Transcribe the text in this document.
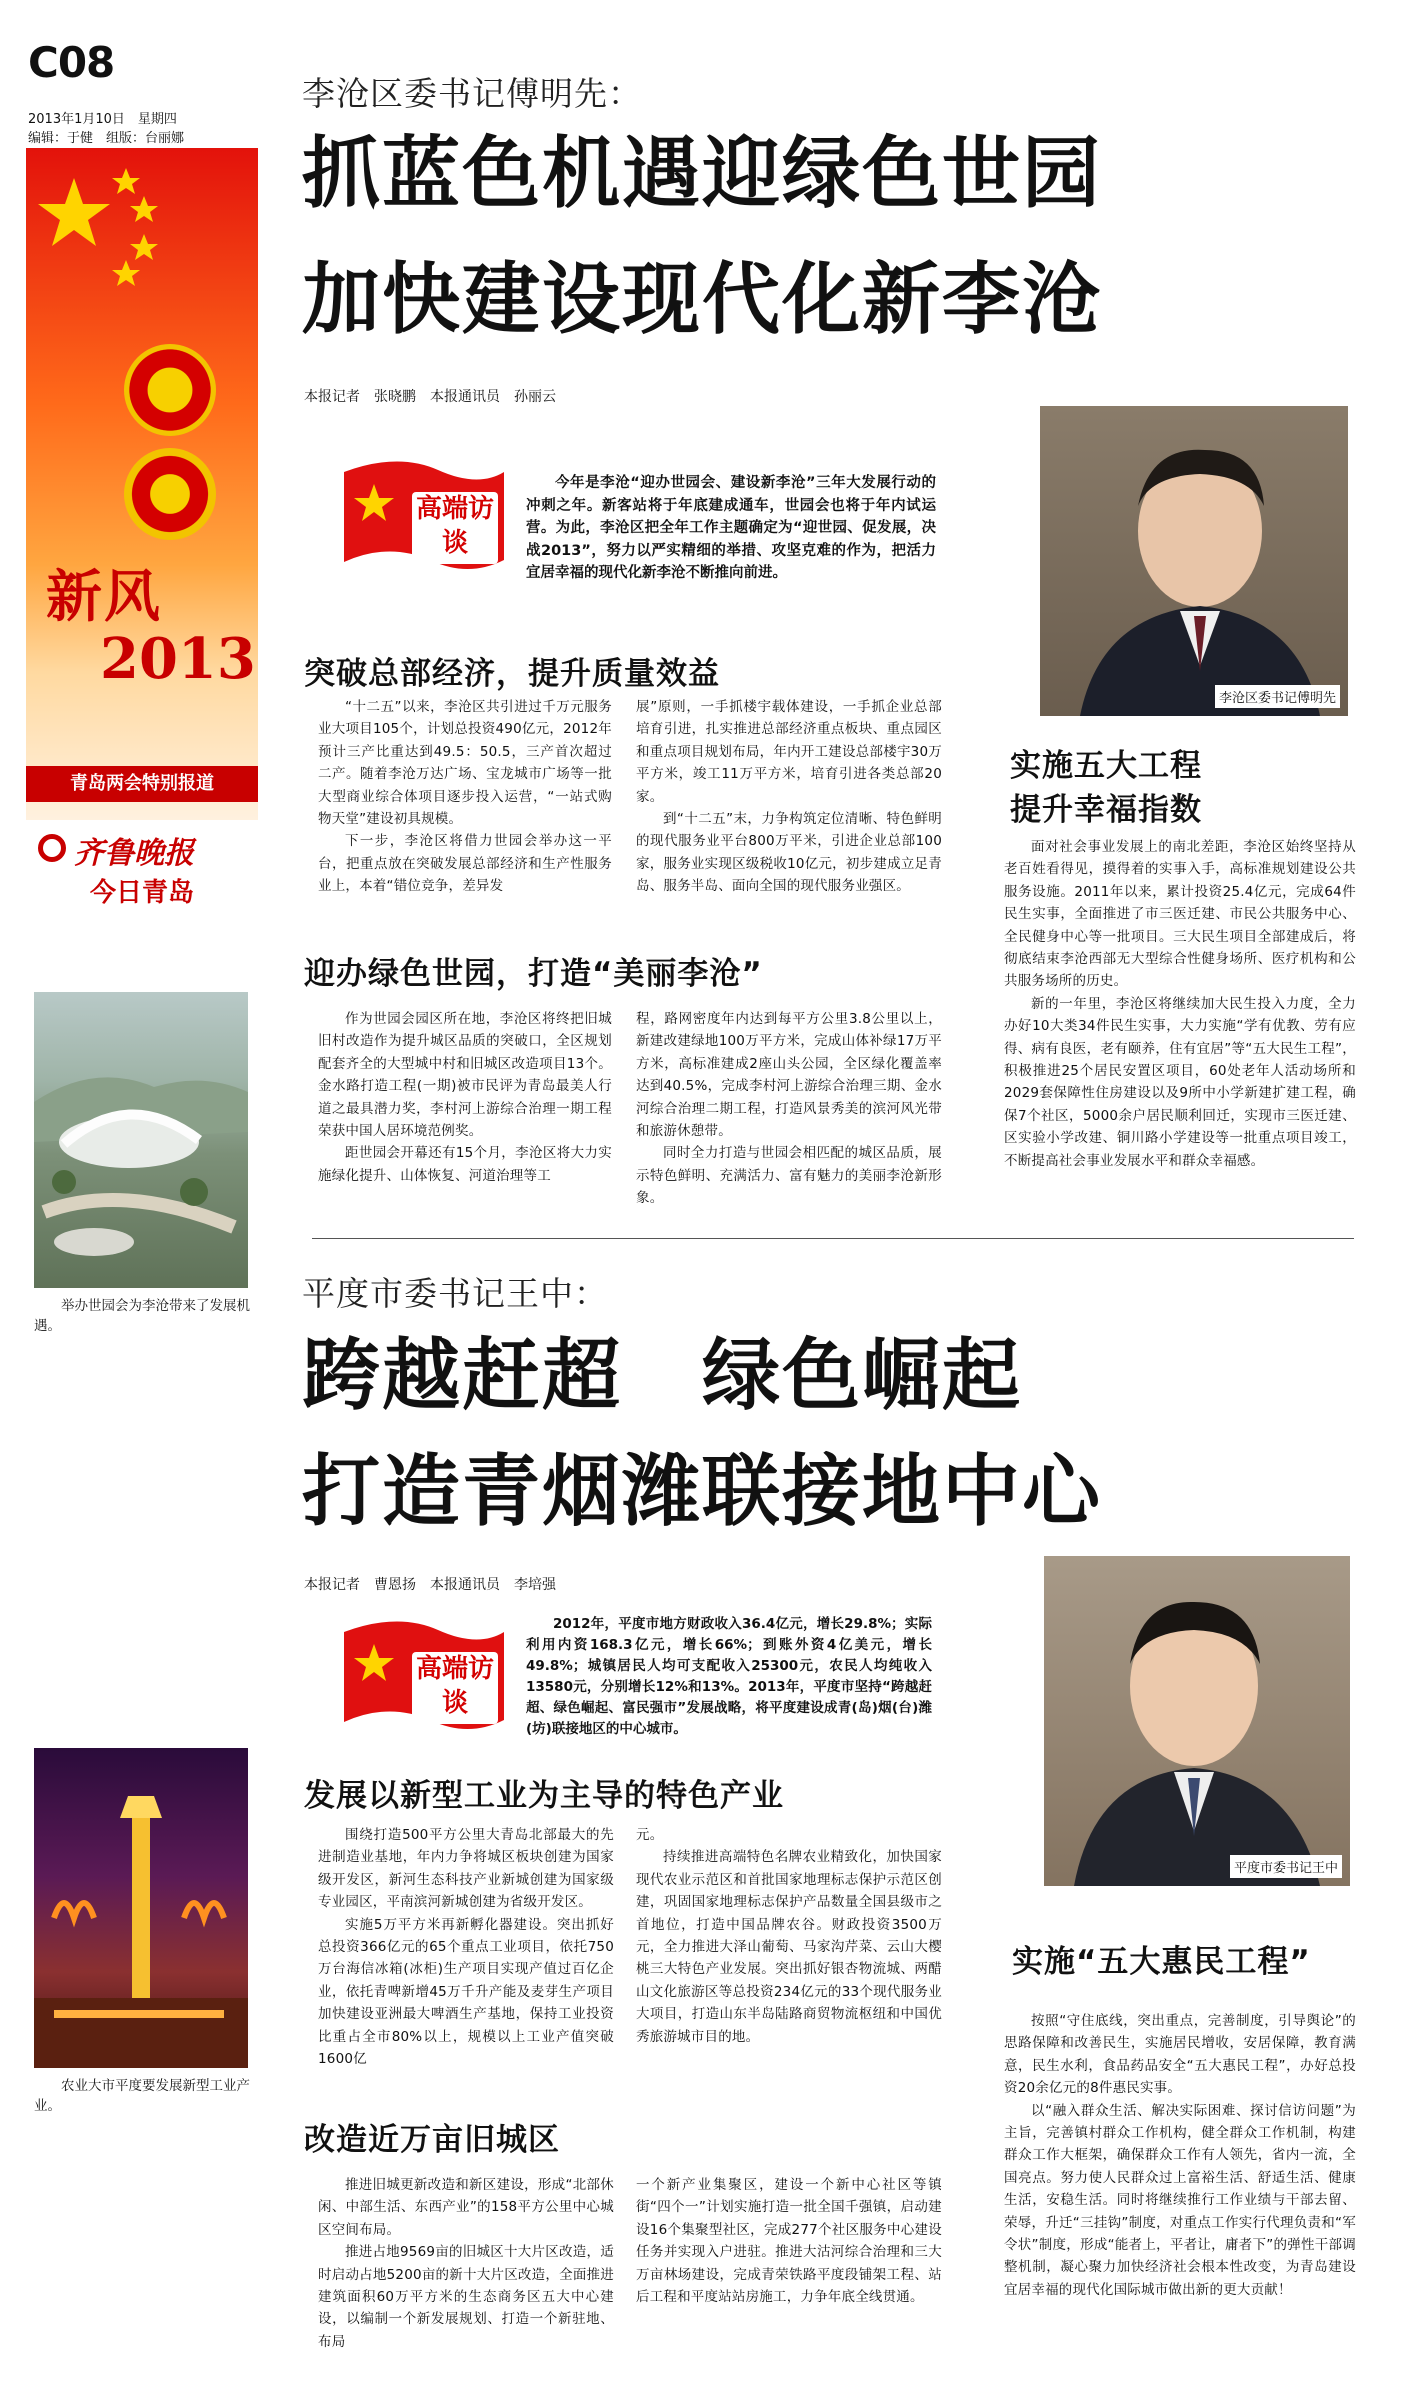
C08
2013年1月10日　星期四
编辑：于健　组版：台丽娜
新风
2013
青岛两会特别报道
齐鲁晚报
今日青岛
举办世园会为李沧带来了发展机遇。
农业大市平度要发展新型工业产业。
李沧区委书记傅明先：
抓蓝色机遇迎绿色世园
加快建设现代化新李沧
本报记者　张晓鹏　本报通讯员　孙丽云
高端访谈
今年是李沧“迎办世园会、建设新李沧”三年大发展行动的冲刺之年。新客站将于年底建成通车，世园会也将于年内试运营。为此，李沧区把全年工作主题确定为“迎世园、促发展，决战2013”，努力以严实精细的举措、攻坚克难的作为，把活力宜居幸福的现代化新李沧不断推向前进。
李沧区委书记傅明先
突破总部经济，提升质量效益

“十二五”以来，李沧区共引进过千万元服务业大项目105个，计划总投资490亿元，2012年预计三产比重达到49.5：50.5，三产首次超过二产。随着李沧万达广场、宝龙城市广场等一批大型商业综合体项目逐步投入运营，“一站式购物天堂”建设初具规模。

下一步，李沧区将借力世园会举办这一平台，把重点放在突破发展总部经济和生产性服务业上，本着“错位竞争，差异发

展”原则，一手抓楼宇载体建设，一手抓企业总部培育引进，扎实推进总部经济重点板块、重点园区和重点项目规划布局，年内开工建设总部楼宇30万平方米，竣工11万平方米，培育引进各类总部20家。

到“十二五”末，力争构筑定位清晰、特色鲜明的现代服务业平台800万平米，引进企业总部100家，服务业实现区级税收10亿元，初步建成立足青岛、服务半岛、面向全国的现代服务业强区。

迎办绿色世园，打造“美丽李沧”

作为世园会园区所在地，李沧区将终把旧城旧村改造作为提升城区品质的突破口，全区规划配套齐全的大型城中村和旧城区改造项目13个。金水路打造工程(一期)被市民评为青岛最美人行道之最具潜力奖，李村河上游综合治理一期工程荣获中国人居环境范例奖。

距世园会开幕还有15个月，李沧区将大力实施绿化提升、山体恢复、河道治理等工

程，路网密度年内达到每平方公里3.8公里以上，新建改建绿地100万平方米，完成山体补绿17万平方米，高标准建成2座山头公园，全区绿化覆盖率达到40.5%，完成李村河上游综合治理三期、金水河综合治理二期工程，打造风景秀美的滨河风光带和旅游休憩带。

同时全力打造与世园会相匹配的城区品质，展示特色鲜明、充满活力、富有魅力的美丽李沧新形象。

实施五大工程
提升幸福指数

面对社会事业发展上的南北差距，李沧区始终坚持从老百姓看得见，摸得着的实事入手，高标准规划建设公共服务设施。2011年以来，累计投资25.4亿元，完成64件民生实事，全面推进了市三医迁建、市民公共服务中心、全民健身中心等一批项目。三大民生项目全部建成后，将彻底结束李沧西部无大型综合性健身场所、医疗机构和公共服务场所的历史。

新的一年里，李沧区将继续加大民生投入力度，全力办好10大类34件民生实事，大力实施“学有优教、劳有应得、病有良医，老有颐养，住有宜居”等“五大民生工程”，积极推进25个居民安置区项目，60处老年人活动场所和2029套保障性住房建设以及9所中小学新建扩建工程，确保7个社区，5000余户居民顺利回迁，实现市三医迁建、区实验小学改建、铜川路小学建设等一批重点项目竣工，不断提高社会事业发展水平和群众幸福感。

平度市委书记王中：
跨越赶超　绿色崛起
打造青烟潍联接地中心
本报记者　曹恩扬　本报通讯员　李培强
高端访谈
2012年，平度市地方财政收入36.4亿元，增长29.8%；实际利用内资168.3亿元，增长66%；到账外资4亿美元，增长49.8%；城镇居民人均可支配收入25300元，农民人均纯收入13580元，分别增长12%和13%。2013年，平度市坚持“跨越赶超、绿色崛起、富民强市”发展战略，将平度建设成青(岛)烟(台)潍(坊)联接地区的中心城市。
平度市委书记王中
发展以新型工业为主导的特色产业

围绕打造500平方公里大青岛北部最大的先进制造业基地，年内力争将城区板块创建为国家级开发区，新河生态科技产业新城创建为国家级专业园区，平南滨河新城创建为省级开发区。

实施5万平方米再新孵化器建设。突出抓好总投资366亿元的65个重点工业项目，依托750万台海信冰箱(冰柜)生产项目实现产值过百亿企业，依托青啤新增45万千升产能及麦芽生产项目加快建设亚洲最大啤酒生产基地，保持工业投资比重占全市80%以上，规模以上工业产值突破1600亿

元。

持续推进高端特色名牌农业精致化，加快国家现代农业示范区和首批国家地理标志保护示范区创建，巩固国家地理标志保护产品数量全国县级市之首地位，打造中国品牌农谷。财政投资3500万元，全力推进大泽山葡萄、马家沟芹菜、云山大樱桃三大特色产业发展。突出抓好银杏物流城、两醋山文化旅游区等总投资234亿元的33个现代服务业大项目，打造山东半岛陆路商贸物流枢纽和中国优秀旅游城市目的地。

改造近万亩旧城区

推进旧城更新改造和新区建设，形成“北部休闲、中部生活、东西产业”的158平方公里中心城区空间布局。

推进占地9569亩的旧城区十大片区改造，适时启动占地5200亩的新十大片区改造，全面推进建筑面积60万平方米的生态商务区五大中心建设，以编制一个新发展规划、打造一个新驻地、布局

一个新产业集聚区，建设一个新中心社区等镇街“四个一”计划实施打造一批全国千强镇，启动建设16个集聚型社区，完成277个社区服务中心建设任务并实现入户进驻。推进大沽河综合治理和三大万亩林场建设，完成青荣铁路平度段铺架工程、站后工程和平度站站房施工，力争年底全线贯通。

实施“五大惠民工程”

按照“守住底线，突出重点，完善制度，引导舆论”的思路保障和改善民生，实施居民增收，安居保障，教育满意，民生水利，食品药品安全“五大惠民工程”，办好总投资20余亿元的8件惠民实事。

以“融入群众生活、解决实际困难、探讨信访问题”为主旨，完善镇村群众工作机构，健全群众工作机制，构建群众工作大框架，确保群众工作有人领先，省内一流，全国亮点。努力使人民群众过上富裕生活、舒适生活、健康生活，安稳生活。同时将继续推行工作业绩与干部去留、荣辱，升迁“三挂钩”制度，对重点工作实行代理负责和“军令状”制度，形成“能者上，平者让，庸者下”的弹性干部调整机制，凝心聚力加快经济社会根本性改变，为青岛建设宜居幸福的现代化国际城市做出新的更大贡献！
